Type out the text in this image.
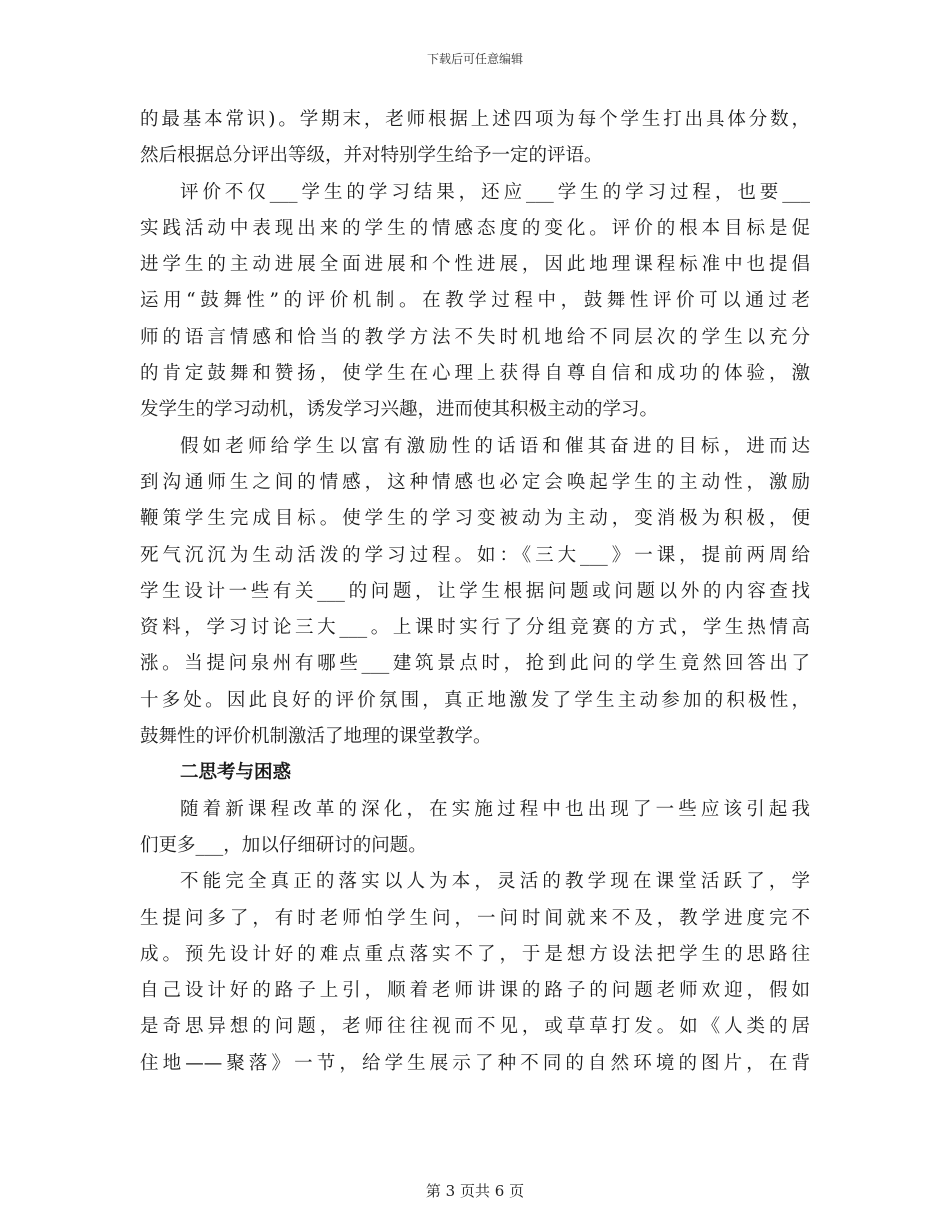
下载后可任意编辑
的最基本常识)。学期末，老师根据上述四项为每个学生打出具体分数，
然后根据总分评出等级，并对特别学生给予一定的评语。
评价不仅___学生的学习结果，还应___学生的学习过程，也要___
实践活动中表现出来的学生的情感态度的变化。评价的根本目标是促
进学生的主动进展全面进展和个性进展，因此地理课程标准中也提倡
运用“鼓舞性”的评价机制。在教学过程中，鼓舞性评价可以通过老
师的语言情感和恰当的教学方法不失时机地给不同层次的学生以充分
的肯定鼓舞和赞扬，使学生在心理上获得自尊自信和成功的体验，激
发学生的学习动机，诱发学习兴趣，进而使其积极主动的学习。
假如老师给学生以富有激励性的话语和催其奋进的目标，进而达
到沟通师生之间的情感，这种情感也必定会唤起学生的主动性，激励
鞭策学生完成目标。使学生的学习变被动为主动，变消极为积极，便
死气沉沉为生动活泼的学习过程。如：《三大___》一课，提前两周给
学生设计一些有关___的问题，让学生根据问题或问题以外的内容查找
资料，学习讨论三大___。上课时实行了分组竞赛的方式，学生热情高
涨。当提问泉州有哪些___建筑景点时，抢到此问的学生竟然回答出了
十多处。因此良好的评价氛围，真正地激发了学生主动参加的积极性，
鼓舞性的评价机制激活了地理的课堂教学。
二思考与困惑
随着新课程改革的深化，在实施过程中也出现了一些应该引起我
们更多___，加以仔细研讨的问题。
不能完全真正的落实以人为本，灵活的教学现在课堂活跃了，学
生提问多了，有时老师怕学生问，一问时间就来不及，教学进度完不
成。预先设计好的难点重点落实不了，于是想方设法把学生的思路往
自己设计好的路子上引，顺着老师讲课的路子的问题老师欢迎，假如
是奇思异想的问题，老师往往视而不见，或草草打发。如《人类的居
住地——聚落》一节，给学生展示了种不同的自然环境的图片，在背
第 3 页共 6 页
